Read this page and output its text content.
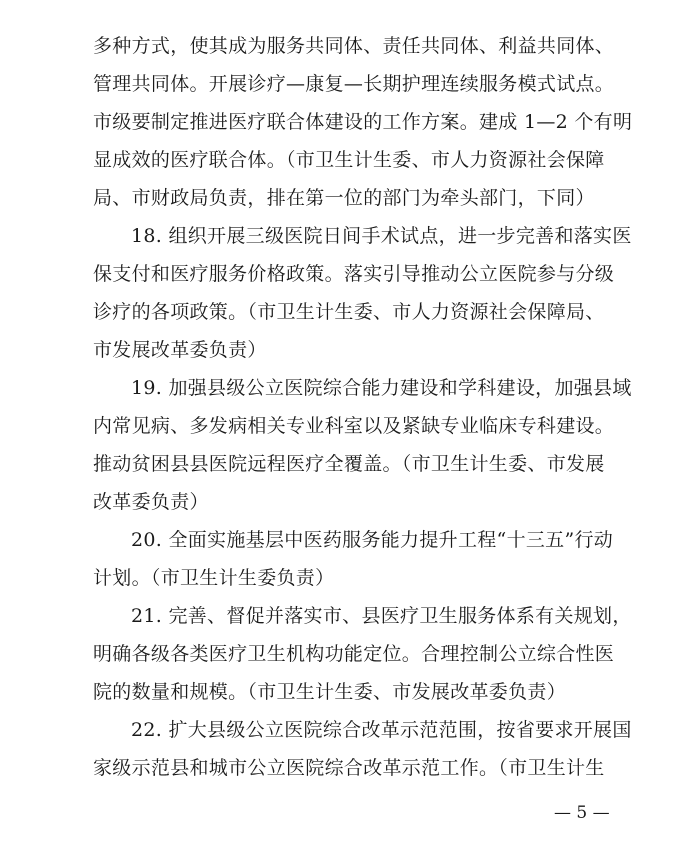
多种方式，使其成为服务共同体、责任共同体、利益共同体、
管理共同体。开展诊疗—康复—长期护理连续服务模式试点。
市级要制定推进医疗联合体建设的工作方案。建成 1—2 个有明
显成效的医疗联合体。（市卫生计生委、市人力资源社会保障
局、市财政局负责，排在第一位的部门为牵头部门，下同）
18. 组织开展三级医院日间手术试点，进一步完善和落实医
保支付和医疗服务价格政策。落实引导推动公立医院参与分级
诊疗的各项政策。（市卫生计生委、市人力资源社会保障局、
市发展改革委负责）
19. 加强县级公立医院综合能力建设和学科建设，加强县域
内常见病、多发病相关专业科室以及紧缺专业临床专科建设。
推动贫困县县医院远程医疗全覆盖。（市卫生计生委、市发展
改革委负责）
20. 全面实施基层中医药服务能力提升工程“十三五”行动
计划。（市卫生计生委负责）
21. 完善、督促并落实市、县医疗卫生服务体系有关规划，
明确各级各类医疗卫生机构功能定位。合理控制公立综合性医
院的数量和规模。（市卫生计生委、市发展改革委负责）
22. 扩大县级公立医院综合改革示范范围，按省要求开展国
家级示范县和城市公立医院综合改革示范工作。（市卫生计生
— 5 —
